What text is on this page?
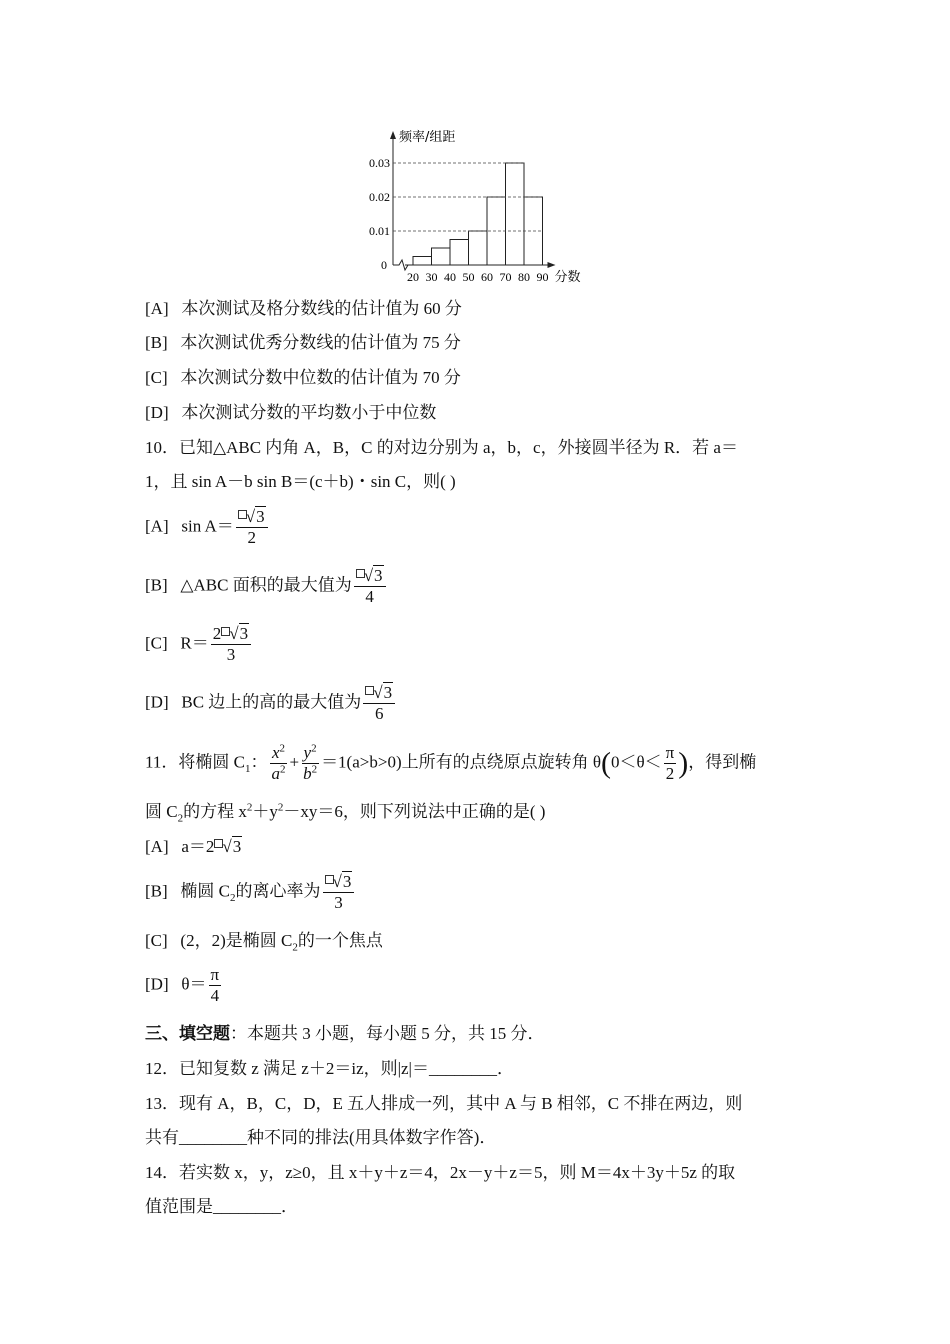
频率/组距
0.03
0.02
0.01
0
20 30 40 50 60 70 80 90 分数
[A] 本次测试及格分数线的估计值为 60 分
[B] 本次测试优秀分数线的估计值为 75 分
[C] 本次测试分数中位数的估计值为 70 分
[D] 本次测试分数的平均数小于中位数
10．已知△ABC 内角 A，B，C 的对边分别为 a，b，c，外接圆半径为 R．若 a＝
1，且 sin A－b sin B＝(c＋b)・sin C，则( )
[A] $\sin A= \frac{√3}{2}$
[B] △ABC 面积的最大值为 $\frac{√3}{4}$
[C] $R= \frac{2 √3}{3}$
[D] BC 边上的高的最大值为 $\frac{√3}{6}$
11．将椭圆 $C_1$： $\frac{x^2}{a^2} + \frac{y^2}{b^2} =1(a>b>0)$上所有的点绕原点旋转角 $\theta(0<\theta< \frac{\pi}{2}$ )，得到椭
圆 $C_2$的方程 $x^2+y^2-xy=6$，则下列说法中正确的是( )
[A] a＝2 √3
[B] 椭圆 $C_2$的离心率为 $\frac{√3}{3}$
[C] (2，2)是椭圆 $C_2$的一个焦点
[D] $\theta= \frac{\pi}{4}$
三、填空题：本题共 3 小题，每小题 5 分，共 15 分．
12．已知复数 z 满足 z＋2＝iz，则|z|＝________．
13．现有 A，B，C，D，E 五人排成一列，其中 A 与 B 相邻，C 不排在两边，则
共有________种不同的排法(用具体数字作答)．
14．若实数 x，y，z≥0，且 x＋y＋z＝4，2x－y＋z＝5，则 M＝4x＋3y＋5z 的取
值范围是________．
